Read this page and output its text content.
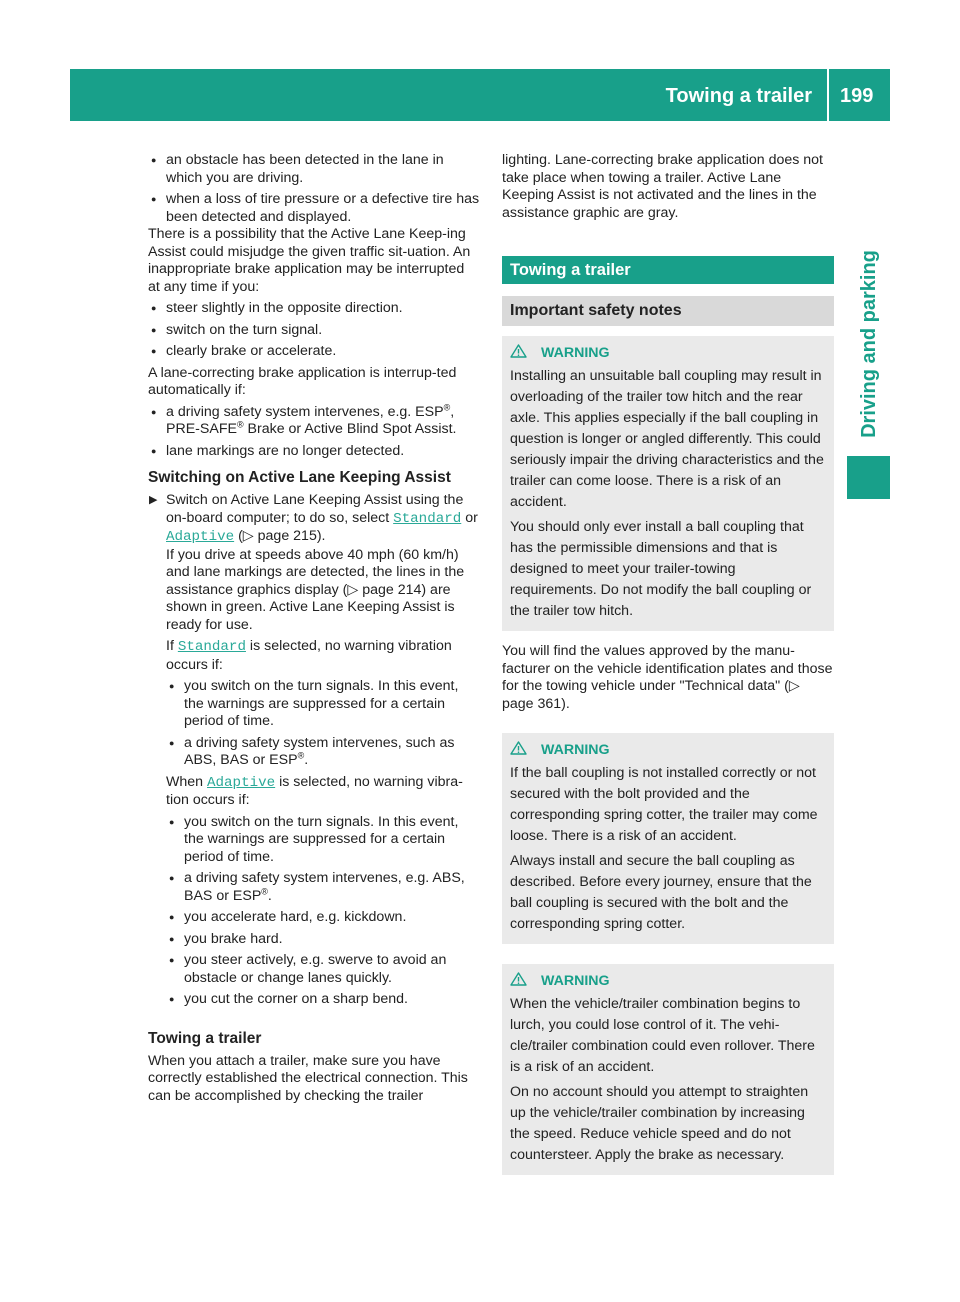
Towing a trailer 199
Driving and parking
● an obstacle has been detected in the lane in which you are driving.
● when a loss of tire pressure or a defective tire has been detected and displayed.

There is a possibility that the Active Lane Keep-ing Assist could misjudge the given traffic sit-uation. An inappropriate brake application may be interrupted at any time if you:

● steer slightly in the opposite direction.
● switch on the turn signal.
● clearly brake or accelerate.

A lane-correcting brake application is interrup-ted automatically if:

● a driving safety system intervenes, e.g. ESP®, PRE-SAFE® Brake or Active Blind Spot Assist.
● lane markings are no longer detected.
Switching on Active Lane Keeping Assist
▶ Switch on Active Lane Keeping Assist using the on-board computer; to do so, select Standard or Adaptive (▷ page 215).

If you drive at speeds above 40 mph (60 km/h) and lane markings are detected, the lines in the assistance graphics display (▷ page 214) are shown in green. Active Lane Keeping Assist is ready for use.

If Standard is selected, no warning vibration occurs if:

● you switch on the turn signals. In this event, the warnings are suppressed for a certain period of time.
● a driving safety system intervenes, such as ABS, BAS or ESP®.

When Adaptive is selected, no warning vibra-tion occurs if:

● you switch on the turn signals. In this event, the warnings are suppressed for a certain period of time.
● a driving safety system intervenes, e.g. ABS, BAS or ESP®.
● you accelerate hard, e.g. kickdown.
● you brake hard.
● you steer actively, e.g. swerve to avoid an obstacle or change lanes quickly.
● you cut the corner on a sharp bend.
Towing a trailer

When you attach a trailer, make sure you have correctly established the electrical connection. This can be accomplished by checking the trailer

lighting. Lane-correcting brake application does not take place when towing a trailer. Active Lane Keeping Assist is not activated and the lines in the assistance graphic are gray.

Towing a trailer
Important safety notes
WARNING

Installing an unsuitable ball coupling may result in overloading of the trailer tow hitch and the rear axle. This applies especially if the ball coupling in question is longer or angled differently. This could seriously impair the driving characteristics and the trailer can come loose. There is a risk of an accident.

You should only ever install a ball coupling that has the permissible dimensions and that is designed to meet your trailer-towing requirements. Do not modify the ball coupling or the trailer tow hitch.

You will find the values approved by the manu-facturer on the vehicle identification plates and those for the towing vehicle under "Technical data" (▷ page 361).

WARNING

If the ball coupling is not installed correctly or not secured with the bolt provided and the corresponding spring cotter, the trailer may come loose. There is a risk of an accident.

Always install and secure the ball coupling as described. Before every journey, ensure that the ball coupling is secured with the bolt and the corresponding spring cotter.

WARNING

When the vehicle/trailer combination begins to lurch, you could lose control of it. The vehi-cle/trailer combination could even rollover. There is a risk of an accident.

On no account should you attempt to straighten up the vehicle/trailer combination by increasing the speed. Reduce vehicle speed and do not countersteer. Apply the brake as necessary.
